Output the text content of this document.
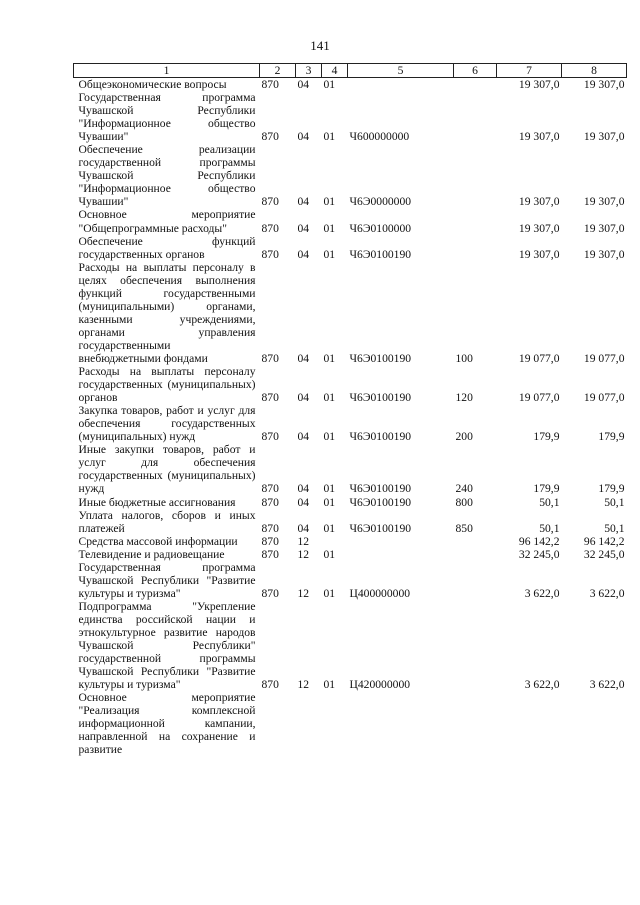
141
1	2	3	4	5	6	7	8
Общеэкономические вопросы	870	04	01			19 307,0	19 307,0
Государственная программа Чувашской Республики "Информационное общество Чувашии"	870	04	01	Ч600000000		19 307,0	19 307,0
Обеспечение реализации государственной программы Чувашской Республики "Информационное общество Чувашии"	870	04	01	Ч6Э0000000		19 307,0	19 307,0
Основное мероприятие "Общепрограммные расходы"	870	04	01	Ч6Э0100000		19 307,0	19 307,0
Обеспечение функций государственных органов	870	04	01	Ч6Э0100190		19 307,0	19 307,0
Расходы на выплаты персоналу в целях обеспечения выполнения функций государственными (муниципальными) органами, казенными учреждениями, органами управления государственными внебюджетными фондами	870	04	01	Ч6Э0100190	100	19 077,0	19 077,0
Расходы на выплаты персоналу государственных (муниципальных) органов	870	04	01	Ч6Э0100190	120	19 077,0	19 077,0
Закупка товаров, работ и услуг для обеспечения государственных (муниципальных) нужд	870	04	01	Ч6Э0100190	200	179,9	179,9
Иные закупки товаров, работ и услуг для обеспечения государственных (муниципальных) нужд	870	04	01	Ч6Э0100190	240	179,9	179,9
Иные бюджетные ассигнования	870	04	01	Ч6Э0100190	800	50,1	50,1
Уплата налогов, сборов и иных платежей	870	04	01	Ч6Э0100190	850	50,1	50,1
Средства массовой информации	870	12				96 142,2	96 142,2
Телевидение и радиовещание	870	12	01			32 245,0	32 245,0
Государственная программа Чувашской Республики "Развитие культуры и туризма"	870	12	01	Ц400000000		3 622,0	3 622,0
Подпрограмма "Укрепление единства российской нации и этнокультурное развитие народов Чувашской Республики" государственной программы Чувашской Республики "Развитие культуры и туризма"	870	12	01	Ц420000000		3 622,0	3 622,0
Основное мероприятие "Реализация комплексной информационной кампании, направленной на сохранение и развитие							
